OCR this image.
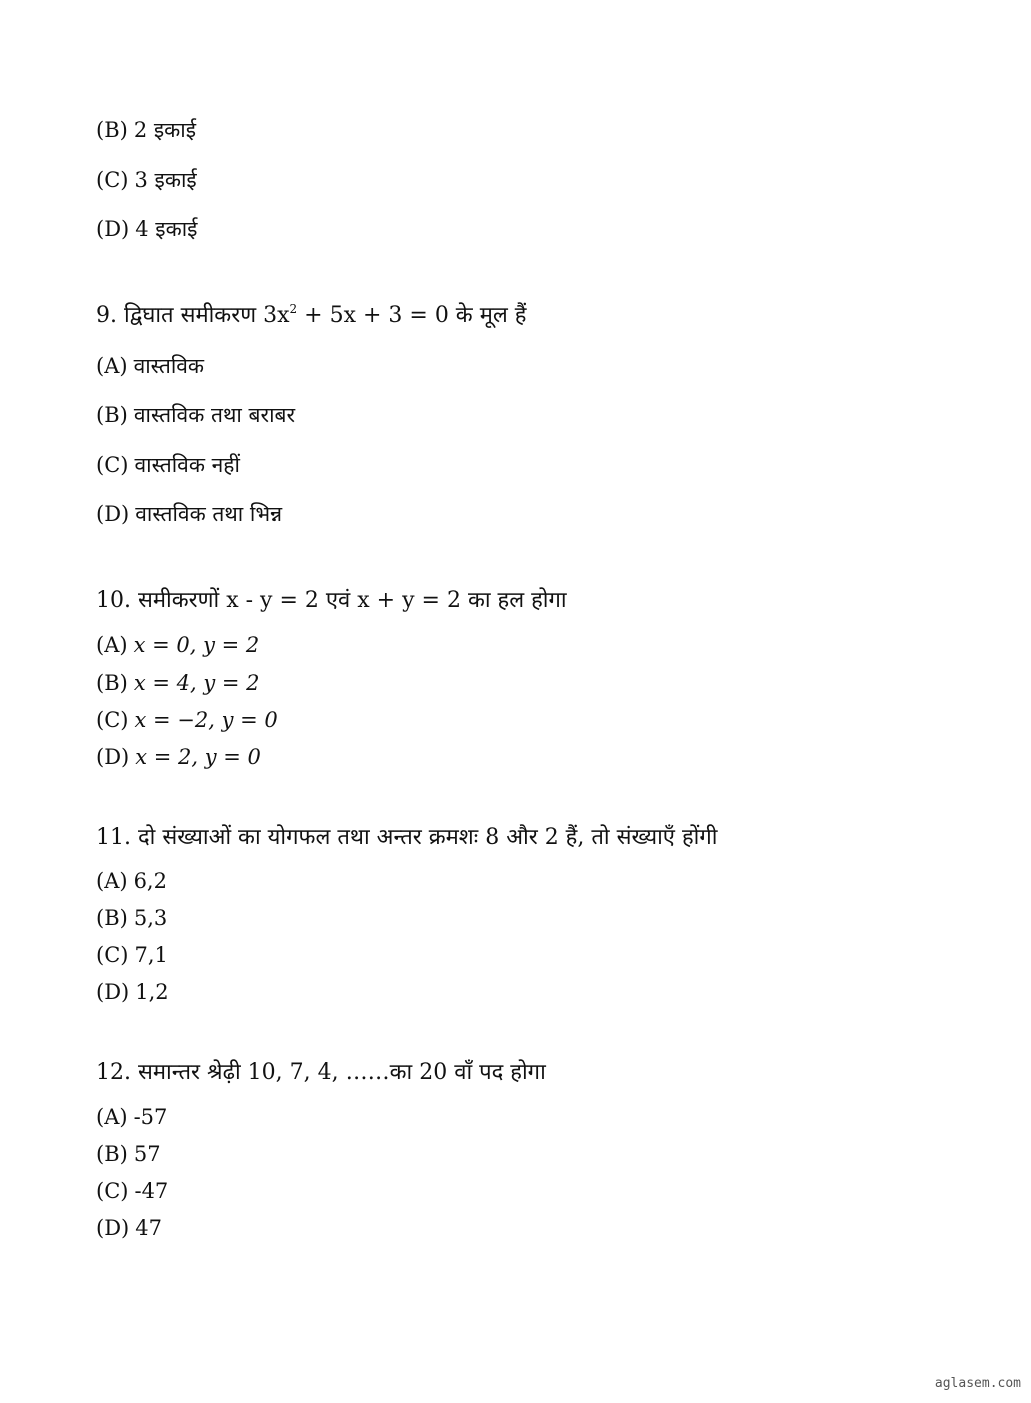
(B) 2 इकाई
(C) 3 इकाई
(D) 4 इकाई
9. द्विघात समीकरण $3x^2 + 5x + 3 = 0$ के मूल हैं
(A) वास्तविक
(B) वास्तविक तथा बराबर
(C) वास्तविक नहीं
(D) वास्तविक तथा भिन्न
10. समीकरणों x - y = 2 एवं x + y = 2 का हल होगा
(A) x = 0, y = 2
(B) x = 4, y = 2
(C) x = −2, y = 0
(D) x = 2, y = 0
11. दो संख्याओं का योगफल तथा अन्तर क्रमशः 8 और 2 हैं, तो संख्याएँ होंगी
(A) 6,2
(B) 5,3
(C) 7,1
(D) 1,2
12. समान्तर श्रेढ़ी 10, 7, 4, ……का 20 वाँ पद होगा
(A) -57
(B) 57
(C) -47
(D) 47
aglasem.com
